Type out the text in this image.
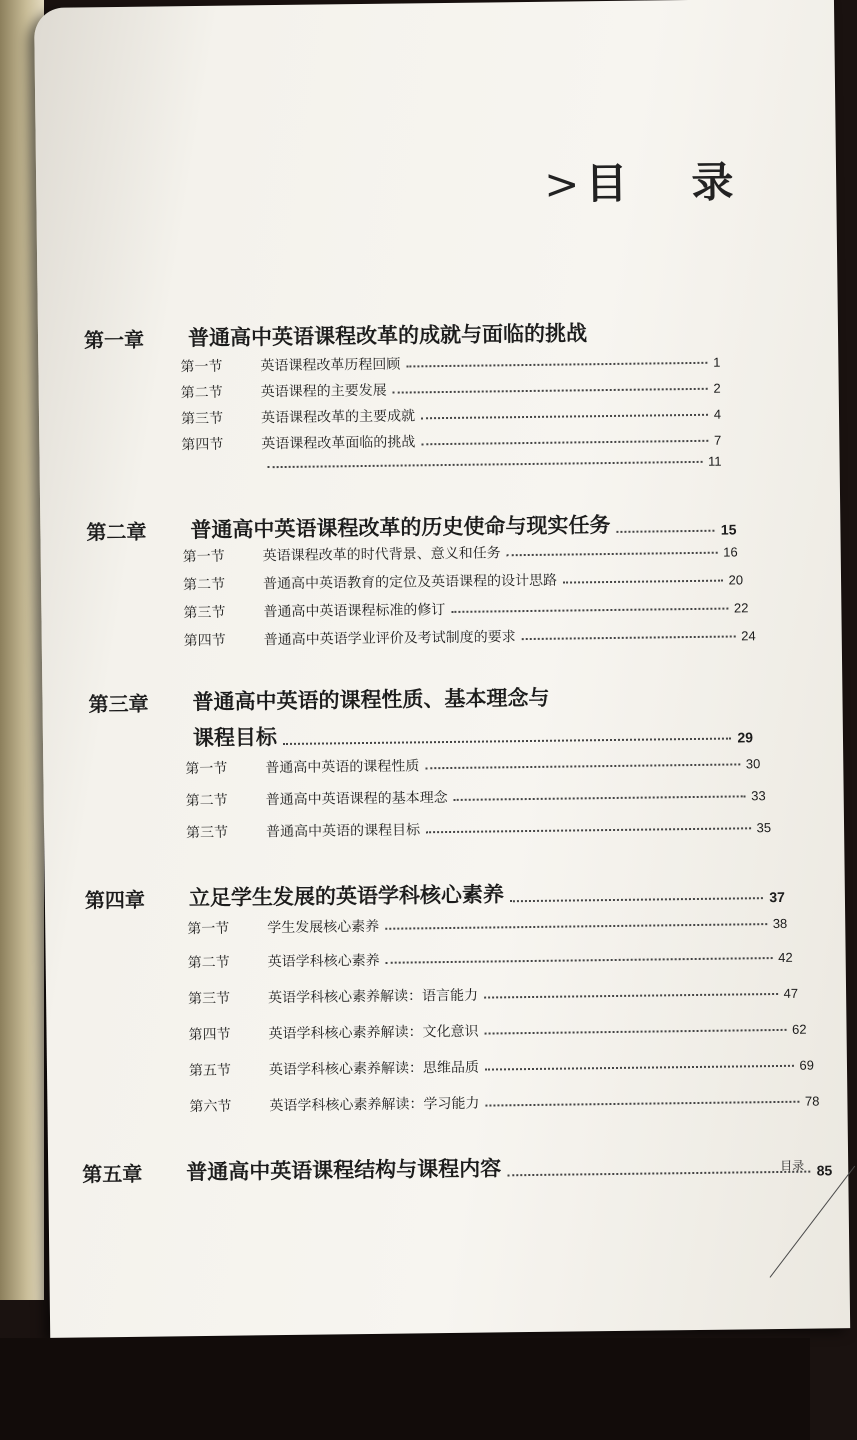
>目 录
第一章	普通高中英语课程改革的成就与面临的挑战
第一节	英语课程改革历程回顾	1
第二节	英语课程的主要发展	2
第三节	英语课程改革的主要成就	4
第四节	英语课程改革面临的挑战	7
11
第二章	普通高中英语课程改革的历史使命与现实任务	15
第一节	英语课程改革的时代背景、意义和任务	16
第二节	普通高中英语教育的定位及英语课程的设计思路	20
第三节	普通高中英语课程标准的修订	22
第四节	普通高中英语学业评价及考试制度的要求	24
第三章	普通高中英语的课程性质、基本理念与
课程目标	29
第一节	普通高中英语的课程性质	30
第二节	普通高中英语课程的基本理念	33
第三节	普通高中英语的课程目标	35
第四章	立足学生发展的英语学科核心素养	37
第一节	学生发展核心素养	38
第二节	英语学科核心素养	42
第三节	英语学科核心素养解读：语言能力	47
第四节	英语学科核心素养解读：文化意识	62
第五节	英语学科核心素养解读：思维品质	69
第六节	英语学科核心素养解读：学习能力	78
第五章	普通高中英语课程结构与课程内容	85
目录
